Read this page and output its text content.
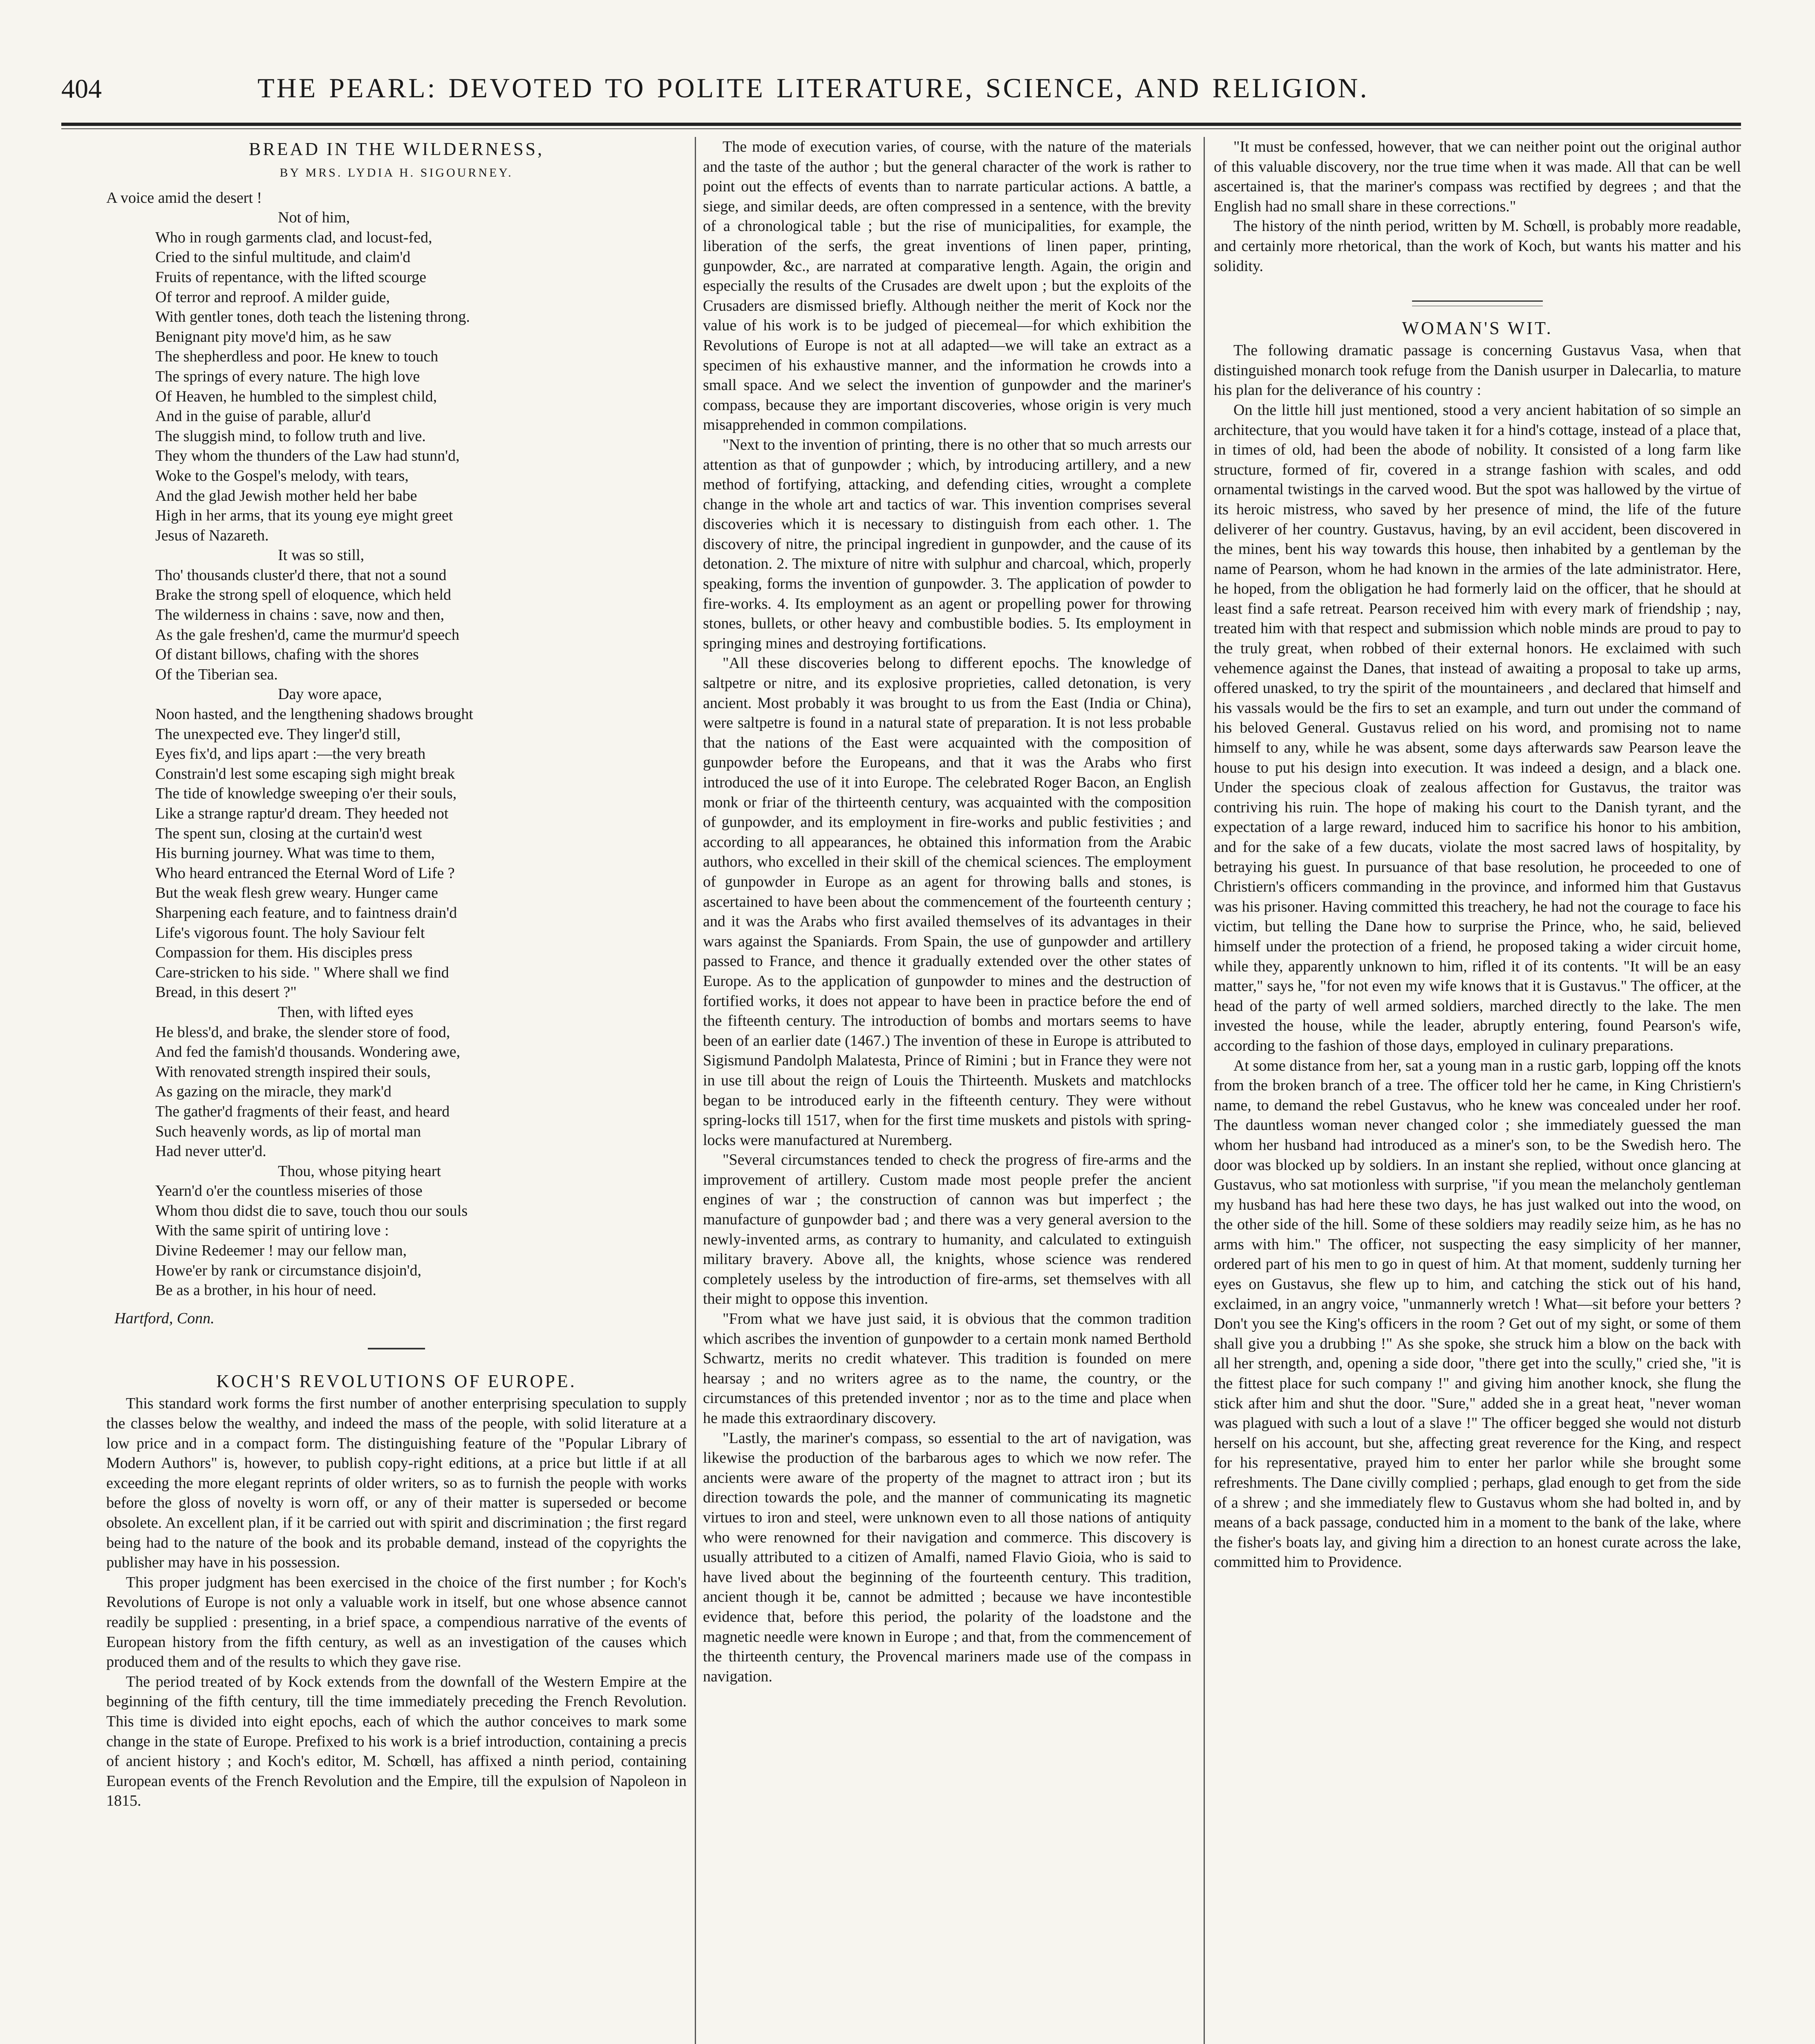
404	THE PEARL: DEVOTED TO POLITE LITERATURE, SCIENCE, AND RELIGION.
BREAD IN THE WILDERNESS,
BY MRS. LYDIA H. SIGOURNEY.
A voice amid the desert !
Not of him,
Who in rough garments clad, and locust-fed,
Cried to the sinful multitude, and claim'd
Fruits of repentance, with the lifted scourge
Of terror and reproof. A milder guide,
With gentler tones, doth teach the listening throng.
Benignant pity move'd him, as he saw
The shepherdless and poor. He knew to touch
The springs of every nature. The high love
Of Heaven, he humbled to the simplest child,
And in the guise of parable, allur'd
The sluggish mind, to follow truth and live.
They whom the thunders of the Law had stunn'd,
Woke to the Gospel's melody, with tears,
And the glad Jewish mother held her babe
High in her arms, that its young eye might greet
Jesus of Nazareth.
It was so still,
Tho' thousands cluster'd there, that not a sound
Brake the strong spell of eloquence, which held
The wilderness in chains : save, now and then,
As the gale freshen'd, came the murmur'd speech
Of distant billows, chafing with the shores
Of the Tiberian sea.
Day wore apace,
Noon hasted, and the lengthening shadows brought
The unexpected eve. They linger'd still,
Eyes fix'd, and lips apart :—the very breath
Constrain'd lest some escaping sigh might break
The tide of knowledge sweeping o'er their souls,
Like a strange raptur'd dream. They heeded not
The spent sun, closing at the curtain'd west
His burning journey. What was time to them,
Who heard entranced the Eternal Word of Life ?
But the weak flesh grew weary. Hunger came
Sharpening each feature, and to faintness drain'd
Life's vigorous fount. The holy Saviour felt
Compassion for them. His disciples press
Care-stricken to his side. " Where shall we find
Bread, in this desert ?"
Then, with lifted eyes
He bless'd, and brake, the slender store of food,
And fed the famish'd thousands. Wondering awe,
With renovated strength inspired their souls,
As gazing on the miracle, they mark'd
The gather'd fragments of their feast, and heard
Such heavenly words, as lip of mortal man
Had never utter'd.
Thou, whose pitying heart
Yearn'd o'er the countless miseries of those
Whom thou didst die to save, touch thou our souls
With the same spirit of untiring love :
Divine Redeemer ! may our fellow man,
Howe'er by rank or circumstance disjoin'd,
Be as a brother, in his hour of need.
Hartford, Conn.
KOCH'S REVOLUTIONS OF EUROPE.

This standard work forms the first number of another enterprising speculation to supply the classes below the wealthy, and indeed the mass of the people, with solid literature at a low price and in a compact form. The distinguishing feature of the "Popular Library of Modern Authors" is, however, to publish copy-right editions, at a price but little if at all exceeding the more elegant reprints of older writers, so as to furnish the people with works before the gloss of novelty is worn off, or any of their matter is superseded or become obsolete. An excellent plan, if it be carried out with spirit and discrimination ; the first regard being had to the nature of the book and its probable demand, instead of the copyrights the publisher may have in his possession.

This proper judgment has been exercised in the choice of the first number ; for Koch's Revolutions of Europe is not only a valuable work in itself, but one whose absence cannot readily be supplied : presenting, in a brief space, a compendious narrative of the events of European history from the fifth century, as well as an investigation of the causes which produced them and of the results to which they gave rise.

The period treated of by Kock extends from the downfall of the Western Empire at the beginning of the fifth century, till the time immediately preceding the French Revolution. This time is divided into eight epochs, each of which the author conceives to mark some change in the state of Europe. Prefixed to his work is a brief introduction, containing a precis of ancient history ; and Koch's editor, M. Schœll, has affixed a ninth period, containing European events of the French Revolution and the Empire, till the expulsion of Napoleon in 1815.

The mode of execution varies, of course, with the nature of the materials and the taste of the author ; but the general character of the work is rather to point out the effects of events than to narrate particular actions. A battle, a siege, and similar deeds, are often compressed in a sentence, with the brevity of a chronological table ; but the rise of municipalities, for example, the liberation of the serfs, the great inventions of linen paper, printing, gunpowder, &c., are narrated at comparative length. Again, the origin and especially the results of the Crusades are dwelt upon ; but the exploits of the Crusaders are dismissed briefly. Although neither the merit of Kock nor the value of his work is to be judged of piecemeal—for which exhibition the Revolutions of Europe is not at all adapted—we will take an extract as a specimen of his exhaustive manner, and the information he crowds into a small space. And we select the invention of gunpowder and the mariner's compass, because they are important discoveries, whose origin is very much misapprehended in common compilations.

"Next to the invention of printing, there is no other that so much arrests our attention as that of gunpowder ; which, by introducing artillery, and a new method of fortifying, attacking, and defending cities, wrought a complete change in the whole art and tactics of war. This invention comprises several discoveries which it is necessary to distinguish from each other. 1. The discovery of nitre, the principal ingredient in gunpowder, and the cause of its detonation. 2. The mixture of nitre with sulphur and charcoal, which, properly speaking, forms the invention of gunpowder. 3. The application of powder to fire-works. 4. Its employment as an agent or propelling power for throwing stones, bullets, or other heavy and combustible bodies. 5. Its employment in springing mines and destroying fortifications.

"All these discoveries belong to different epochs. The knowledge of saltpetre or nitre, and its explosive proprieties, called detonation, is very ancient. Most probably it was brought to us from the East (India or China), were saltpetre is found in a natural state of preparation. It is not less probable that the nations of the East were acquainted with the composition of gunpowder before the Europeans, and that it was the Arabs who first introduced the use of it into Europe. The celebrated Roger Bacon, an English monk or friar of the thirteenth century, was acquainted with the composition of gunpowder, and its employment in fire-works and public festivities ; and according to all appearances, he obtained this information from the Arabic authors, who excelled in their skill of the chemical sciences. The employment of gunpowder in Europe as an agent for throwing balls and stones, is ascertained to have been about the commencement of the fourteenth century ; and it was the Arabs who first availed themselves of its advantages in their wars against the Spaniards. From Spain, the use of gunpowder and artillery passed to France, and thence it gradually extended over the other states of Europe. As to the application of gunpowder to mines and the destruction of fortified works, it does not appear to have been in practice before the end of the fifteenth century. The introduction of bombs and mortars seems to have been of an earlier date (1467.) The invention of these in Europe is attributed to Sigismund Pandolph Malatesta, Prince of Rimini ; but in France they were not in use till about the reign of Louis the Thirteenth. Muskets and matchlocks began to be introduced early in the fifteenth century. They were without spring-locks till 1517, when for the first time muskets and pistols with spring-locks were manufactured at Nuremberg.

"Several circumstances tended to check the progress of fire-arms and the improvement of artillery. Custom made most people prefer the ancient engines of war ; the construction of cannon was but imperfect ; the manufacture of gunpowder bad ; and there was a very general aversion to the newly-invented arms, as contrary to humanity, and calculated to extinguish military bravery. Above all, the knights, whose science was rendered completely useless by the introduction of fire-arms, set themselves with all their might to oppose this invention.

"From what we have just said, it is obvious that the common tradition which ascribes the invention of gunpowder to a certain monk named Berthold Schwartz, merits no credit whatever. This tradition is founded on mere hearsay ; and no writers agree as to the name, the country, or the circumstances of this pretended inventor ; nor as to the time and place when he made this extraordinary discovery.

"Lastly, the mariner's compass, so essential to the art of navigation, was likewise the production of the barbarous ages to which we now refer. The ancients were aware of the property of the magnet to attract iron ; but its direction towards the pole, and the manner of communicating its magnetic virtues to iron and steel, were unknown even to all those nations of antiquity who were renowned for their navigation and commerce. This discovery is usually attributed to a citizen of Amalfi, named Flavio Gioia, who is said to have lived about the beginning of the fourteenth century. This tradition, ancient though it be, cannot be admitted ; because we have incontestible evidence that, before this period, the polarity of the loadstone and the magnetic needle were known in Europe ; and that, from the commencement of the thirteenth century, the Provencal mariners made use of the compass in navigation.

"It must be confessed, however, that we can neither point out the original author of this valuable discovery, nor the true time when it was made. All that can be well ascertained is, that the mariner's compass was rectified by degrees ; and that the English had no small share in these corrections."

The history of the ninth period, written by M. Schœll, is probably more readable, and certainly more rhetorical, than the work of Koch, but wants his matter and his solidity.

WOMAN'S WIT.

The following dramatic passage is concerning Gustavus Vasa, when that distinguished monarch took refuge from the Danish usurper in Dalecarlia, to mature his plan for the deliverance of his country :

On the little hill just mentioned, stood a very ancient habitation of so simple an architecture, that you would have taken it for a hind's cottage, instead of a place that, in times of old, had been the abode of nobility. It consisted of a long farm like structure, formed of fir, covered in a strange fashion with scales, and odd ornamental twistings in the carved wood. But the spot was hallowed by the virtue of its heroic mistress, who saved by her presence of mind, the life of the future deliverer of her country. Gustavus, having, by an evil accident, been discovered in the mines, bent his way towards this house, then inhabited by a gentleman by the name of Pearson, whom he had known in the armies of the late administrator. Here, he hoped, from the obligation he had formerly laid on the officer, that he should at least find a safe retreat. Pearson received him with every mark of friendship ; nay, treated him with that respect and submission which noble minds are proud to pay to the truly great, when robbed of their external honors. He exclaimed with such vehemence against the Danes, that instead of awaiting a proposal to take up arms, offered unasked, to try the spirit of the mountaineers , and declared that himself and his vassals would be the firs to set an example, and turn out under the command of his beloved General. Gustavus relied on his word, and promising not to name himself to any, while he was absent, some days afterwards saw Pearson leave the house to put his design into execution. It was indeed a design, and a black one. Under the specious cloak of zealous affection for Gustavus, the traitor was contriving his ruin. The hope of making his court to the Danish tyrant, and the expectation of a large reward, induced him to sacrifice his honor to his ambition, and for the sake of a few ducats, violate the most sacred laws of hospitality, by betraying his guest. In pursuance of that base resolution, he proceeded to one of Christiern's officers commanding in the province, and informed him that Gustavus was his prisoner. Having committed this treachery, he had not the courage to face his victim, but telling the Dane how to surprise the Prince, who, he said, believed himself under the protection of a friend, he proposed taking a wider circuit home, while they, apparently unknown to him, rifled it of its contents. "It will be an easy matter," says he, "for not even my wife knows that it is Gustavus." The officer, at the head of the party of well armed soldiers, marched directly to the lake. The men invested the house, while the leader, abruptly entering, found Pearson's wife, according to the fashion of those days, employed in culinary preparations.

At some distance from her, sat a young man in a rustic garb, lopping off the knots from the broken branch of a tree. The officer told her he came, in King Christiern's name, to demand the rebel Gustavus, who he knew was concealed under her roof. The dauntless woman never changed color ; she immediately guessed the man whom her husband had introduced as a miner's son, to be the Swedish hero. The door was blocked up by soldiers. In an instant she replied, without once glancing at Gustavus, who sat motionless with surprise, "if you mean the melancholy gentleman my husband has had here these two days, he has just walked out into the wood, on the other side of the hill. Some of these soldiers may readily seize him, as he has no arms with him." The officer, not suspecting the easy simplicity of her manner, ordered part of his men to go in quest of him. At that moment, suddenly turning her eyes on Gustavus, she flew up to him, and catching the stick out of his hand, exclaimed, in an angry voice, "unmannerly wretch ! What—sit before your betters ? Don't you see the King's officers in the room ? Get out of my sight, or some of them shall give you a drubbing !" As she spoke, she struck him a blow on the back with all her strength, and, opening a side door, "there get into the scully," cried she, "it is the fittest place for such company !" and giving him another knock, she flung the stick after him and shut the door. "Sure," added she in a great heat, "never woman was plagued with such a lout of a slave !" The officer begged she would not disturb herself on his account, but she, affecting great reverence for the King, and respect for his representative, prayed him to enter her parlor while she brought some refreshments. The Dane civilly complied ; perhaps, glad enough to get from the side of a shrew ; and she immediately flew to Gustavus whom she had bolted in, and by means of a back passage, conducted him in a moment to the bank of the lake, where the fisher's boats lay, and giving him a direction to an honest curate across the lake, committed him to Providence.
